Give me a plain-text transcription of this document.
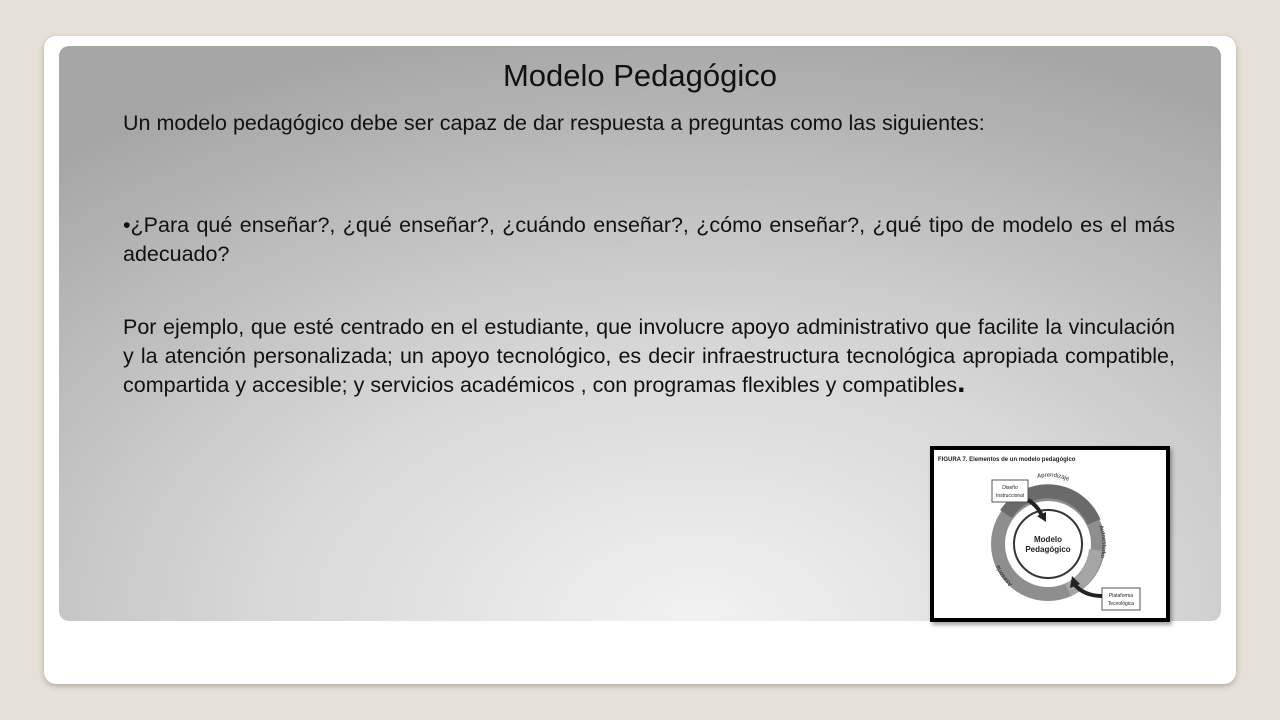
Modelo Pedagógico

Un modelo pedagógico debe ser capaz de dar respuesta a preguntas como las siguientes:

•¿Para qué enseñar?, ¿qué enseñar?, ¿cuándo enseñar?, ¿cómo enseñar?, ¿qué tipo de modelo es el más adecuado?

Por ejemplo, que esté centrado en el estudiante, que involucre apoyo administrativo que facilite la vinculación y la atención personalizada; un apoyo tecnológico, es decir infraestructura tecnológica apropiada compatible, compartida y accesible; y servicios académicos , con programas flexibles y compatibles.

FIGURA 7. Elementos de un modelo pedagógico
Aprendizaje
Autoestudio
Asesoría
Modelo
Pedagógico
Diseño
Instruccional
Plataforma
Tecnológica
